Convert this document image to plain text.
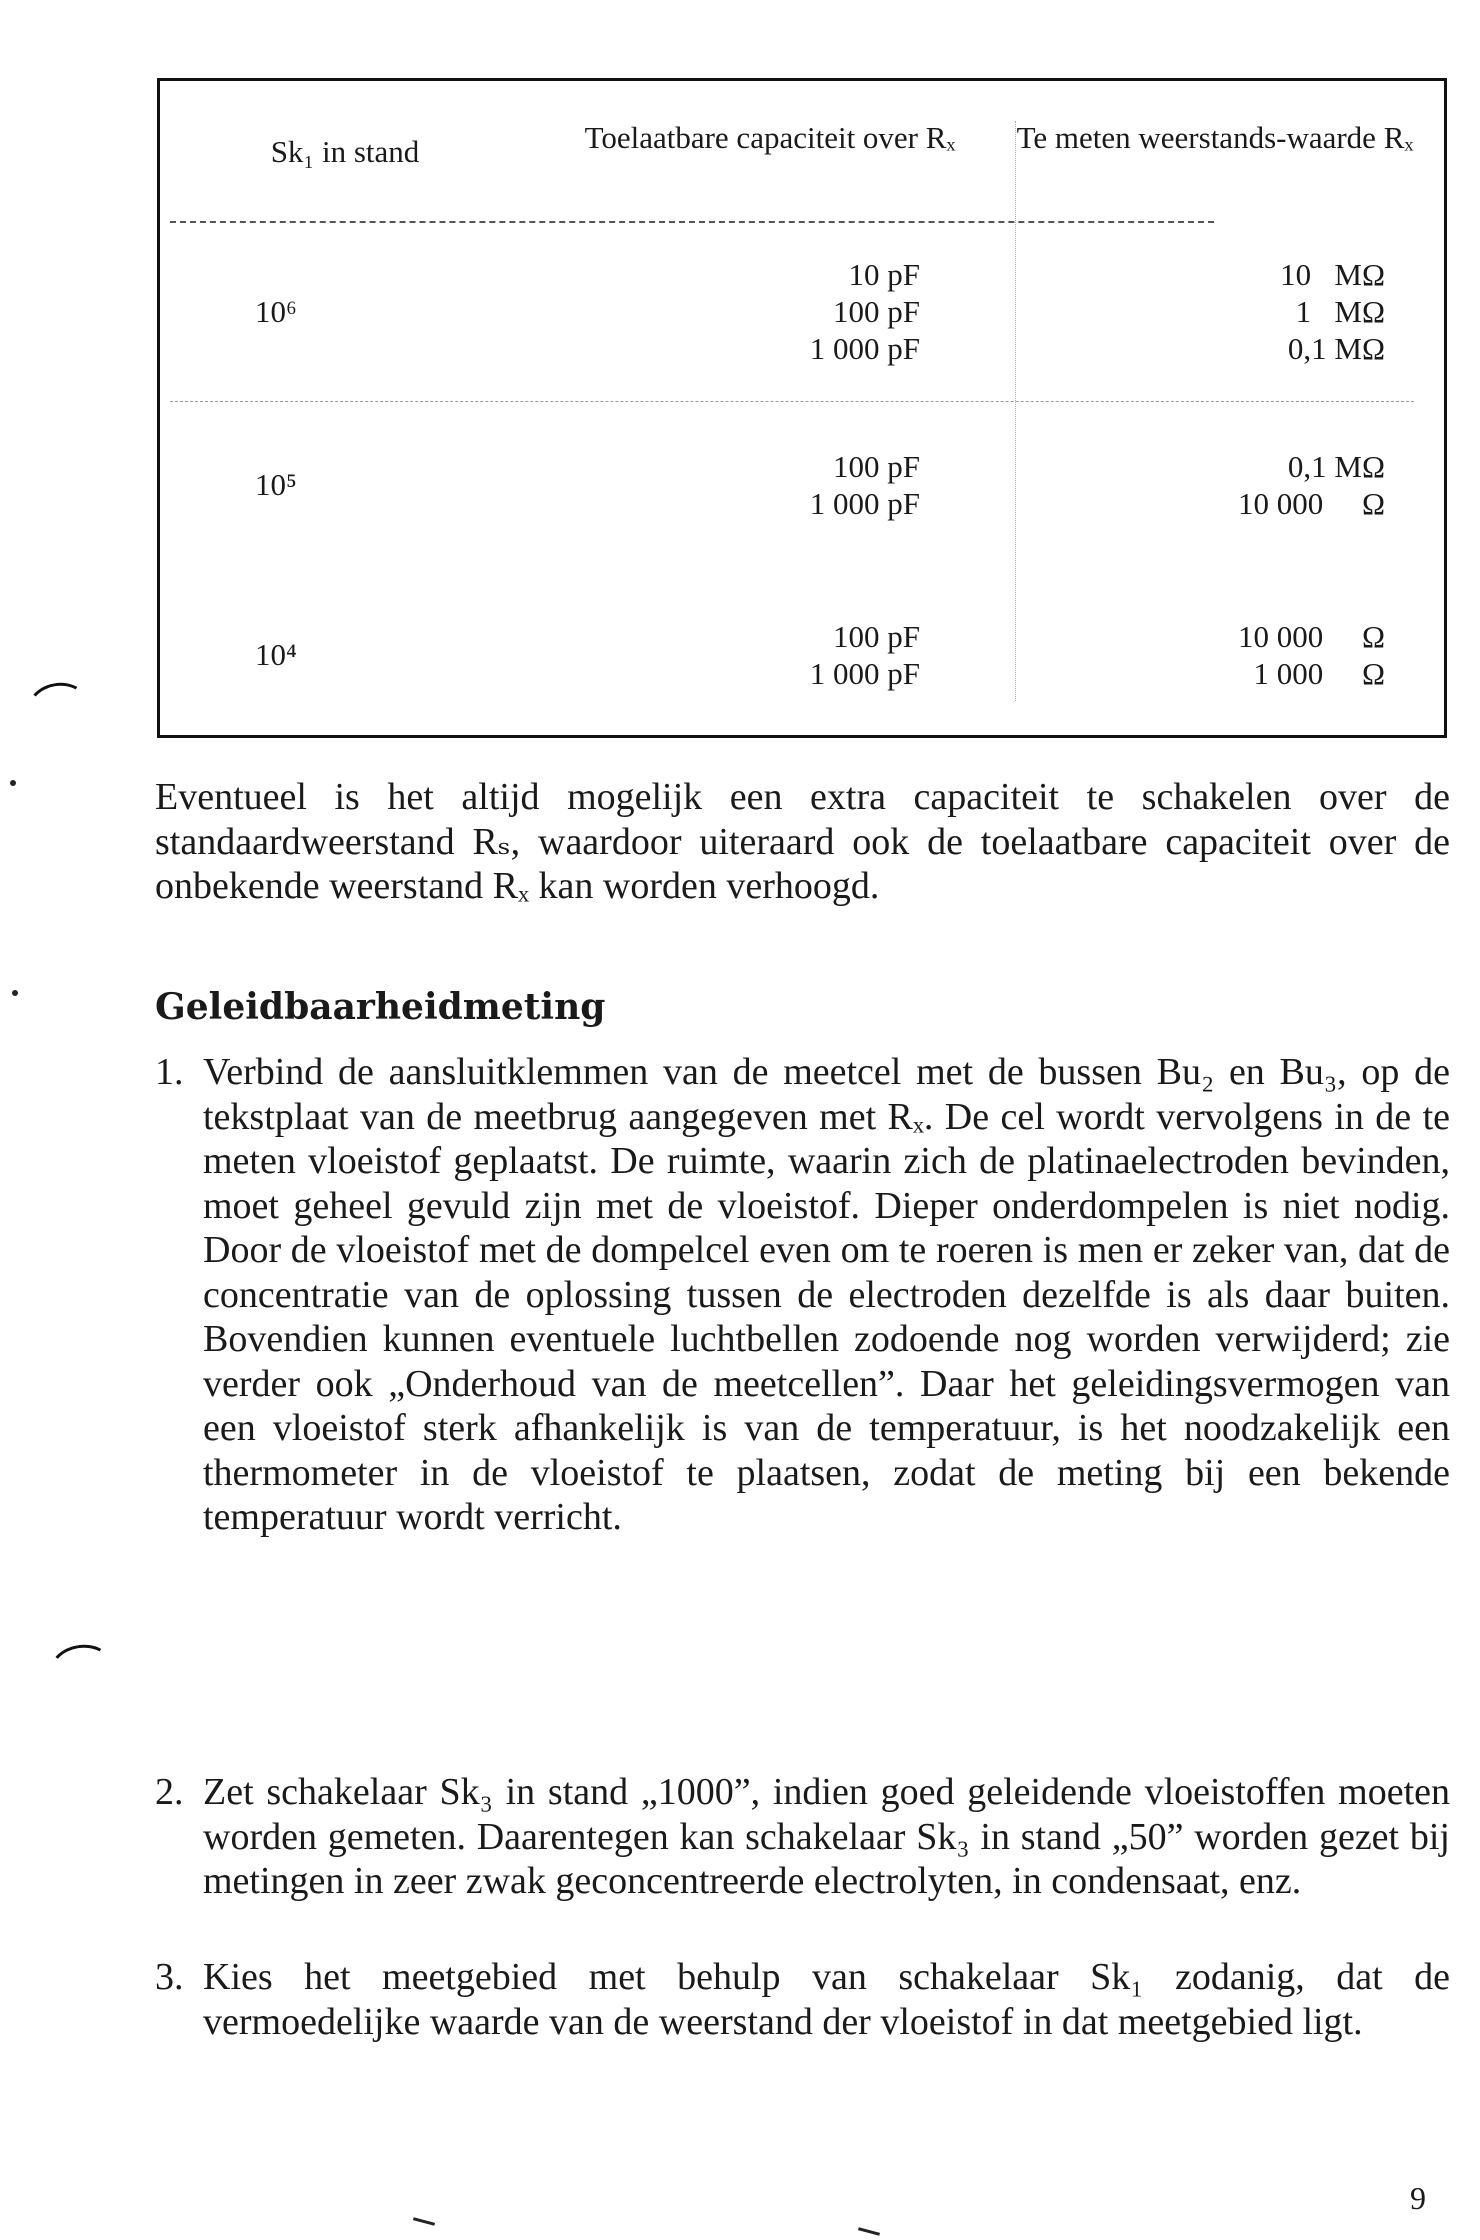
Sk₁ in stand	Toelaatbare capaciteit over Rₓ	Te meten weerstands-waarde Rₓ
10⁶
10 pF	10   MΩ
100 pF	1   MΩ
1 000 pF	0,1 MΩ
10⁵
100 pF	0,1 MΩ
1 000 pF	10 000     Ω
10⁴
100 pF	10 000     Ω
1 000 pF	1 000     Ω
Eventueel is het altijd mogelijk een extra capaciteit te schakelen over de standaardweerstand Rₛ, waardoor uiteraard ook de toelaatbare capaciteit over de onbekende weerstand Rₓ kan worden verhoogd.
Geleidbaarheidmeting
1. Verbind de aansluitklemmen van de meetcel met de bussen Bu₂ en Bu₃, op de tekstplaat van de meetbrug aangegeven met Rₓ. De cel wordt vervolgens in de te meten vloeistof geplaatst. De ruimte, waarin zich de platinaelectroden bevinden, moet geheel gevuld zijn met de vloeistof. Dieper onderdompelen is niet nodig. Door de vloeistof met de dompelcel even om te roeren is men er zeker van, dat de concentratie van de oplossing tussen de electroden dezelfde is als daar buiten. Bovendien kunnen eventuele luchtbellen zodoende nog worden verwijderd; zie verder ook „Onderhoud van de meetcellen”. Daar het geleidingsvermogen van een vloeistof sterk afhankelijk is van de temperatuur, is het noodzakelijk een thermometer in de vloeistof te plaatsen, zodat de meting bij een bekende temperatuur wordt verricht.
2. Zet schakelaar Sk₃ in stand „1000”, indien goed geleidende vloeistoffen moeten worden gemeten. Daarentegen kan schakelaar Sk₃ in stand „50” worden gezet bij metingen in zeer zwak geconcentreerde electrolyten, in condensaat, enz.
3. Kies het meetgebied met behulp van schakelaar Sk₁ zodanig, dat de vermoedelijke waarde van de weerstand der vloeistof in dat meetgebied ligt.
9
